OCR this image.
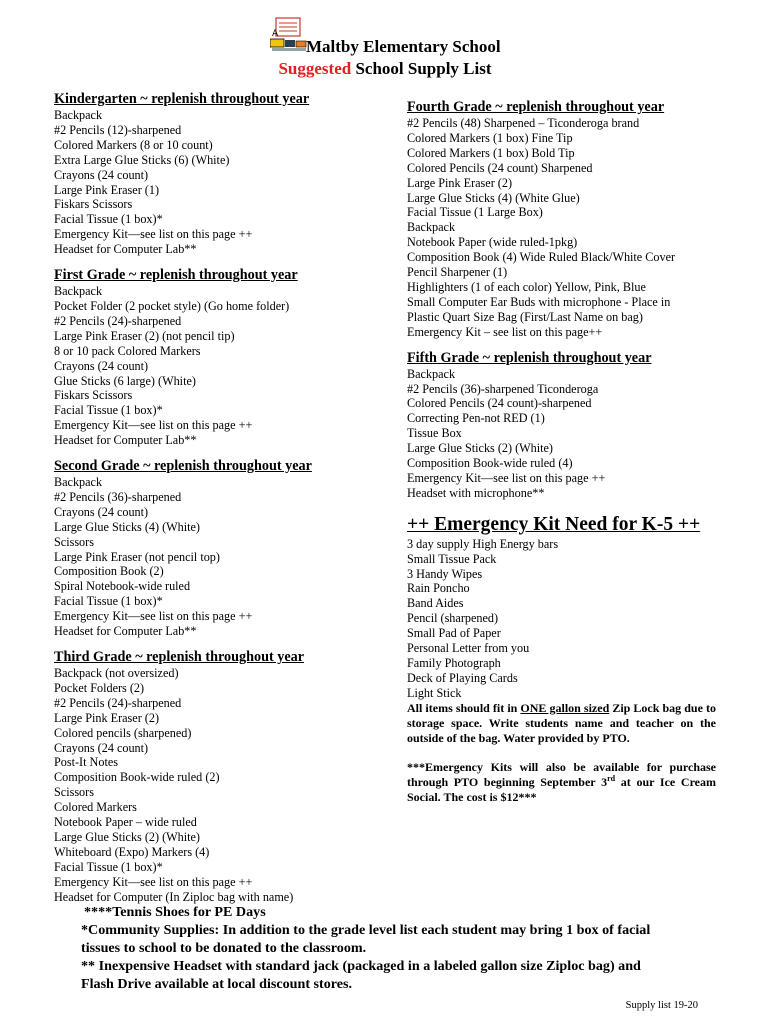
A
Maltby Elementary School
Suggested School Supply List
Kindergarten ~ replenish throughout year
Backpack
#2 Pencils (12)-sharpened
Colored Markers (8 or 10 count)
Extra Large Glue Sticks (6) (White)
Crayons (24 count)
Large Pink Eraser (1)
Fiskars Scissors
Facial Tissue (1 box)*
Emergency Kit—see list on this page ++
Headset for Computer Lab**
First Grade ~ replenish throughout year
Backpack
Pocket Folder (2 pocket style) (Go home folder)
#2 Pencils (24)-sharpened
Large Pink Eraser (2) (not pencil tip)
8 or 10 pack Colored Markers
Crayons (24 count)
Glue Sticks (6 large) (White)
Fiskars Scissors
Facial Tissue (1 box)*
Emergency Kit—see list on this page ++
Headset for Computer Lab**
Second Grade ~ replenish throughout year
Backpack
#2 Pencils (36)-sharpened
Crayons (24 count)
Large Glue Sticks (4) (White)
Scissors
Large Pink Eraser (not pencil top)
Composition Book (2)
Spiral Notebook-wide ruled
Facial Tissue (1 box)*
Emergency Kit—see list on this page ++
Headset for Computer Lab**
Third Grade ~ replenish throughout year
Backpack (not oversized)
Pocket Folders (2)
#2 Pencils (24)-sharpened
Large Pink Eraser (2)
Colored pencils (sharpened)
Crayons (24 count)
Post-It Notes
Composition Book-wide ruled (2)
Scissors
Colored Markers
Notebook Paper – wide ruled
Large Glue Sticks (2) (White)
Whiteboard (Expo) Markers (4)
Facial Tissue (1 box)*
Emergency Kit—see list on this page ++
Headset for Computer (In Ziploc bag with name)
Fourth Grade ~ replenish throughout year
#2 Pencils (48) Sharpened – Ticonderoga brand
Colored Markers (1 box) Fine Tip
Colored Markers (1 box) Bold Tip
Colored Pencils (24 count) Sharpened
Large Pink Eraser (2)
Large Glue Sticks (4) (White Glue)
Facial Tissue (1 Large Box)
Backpack
Notebook Paper (wide ruled-1pkg)
Composition Book (4) Wide Ruled Black/White Cover
Pencil Sharpener (1)
Highlighters (1 of each color) Yellow, Pink, Blue
Small Computer Ear Buds with microphone - Place in
Plastic Quart Size Bag (First/Last Name on bag)
Emergency Kit – see list on this page++
Fifth Grade ~ replenish throughout year
Backpack
#2 Pencils (36)-sharpened Ticonderoga
Colored Pencils (24 count)-sharpened
Correcting Pen-not RED (1)
Tissue Box
Large Glue Sticks (2) (White)
Composition Book-wide ruled (4)
Emergency Kit—see list on this page ++
Headset with microphone**
++ Emergency Kit Need for K-5 ++
3 day supply High Energy bars
Small Tissue Pack
3 Handy Wipes
Rain Poncho
Band Aides
Pencil (sharpened)
Small Pad of Paper
Personal Letter from you
Family Photograph
Deck of Playing Cards
Light Stick
All items should fit in ONE gallon sized Zip Lock bag due to storage space. Write students name and teacher on the outside of the bag. Water provided by PTO.
***Emergency Kits will also be available for purchase through PTO beginning September 3rd at our Ice Cream Social. The cost is $12***
****Tennis Shoes for PE Days
*Community Supplies: In addition to the grade level list each student may bring 1 box of facial
tissues to school to be donated to the classroom.
** Inexpensive Headset with standard jack (packaged in a labeled gallon size Ziploc bag) and
Flash Drive available at local discount stores.
Supply list 19-20
